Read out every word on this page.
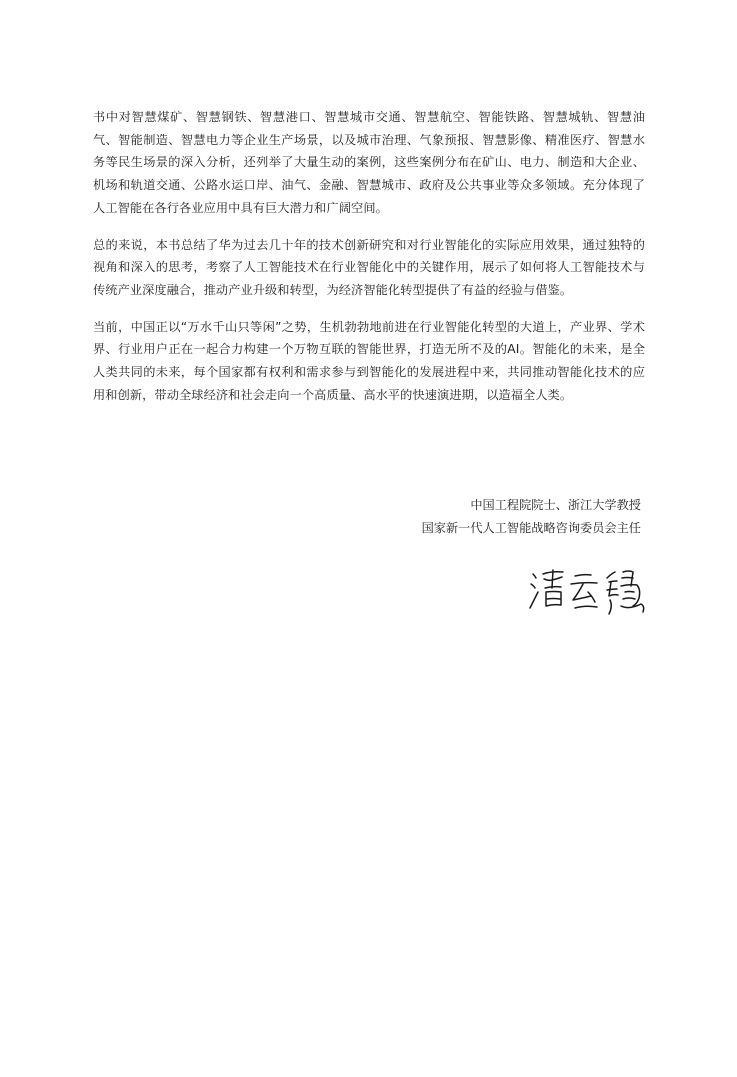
书中对智慧煤矿、智慧钢铁、智慧港口、智慧城市交通、智慧航空、智能铁路、智慧城轨、智慧油气、智能制造、智慧电力等企业生产场景，以及城市治理、气象预报、智慧影像、精准医疗、智慧水务等民生场景的深入分析，还列举了大量生动的案例，这些案例分布在矿山、电力、制造和大企业、机场和轨道交通、公路水运口岸、油气、金融、智慧城市、政府及公共事业等众多领域。充分体现了人工智能在各行各业应用中具有巨大潜力和广阔空间。

总的来说，本书总结了华为过去几十年的技术创新研究和对行业智能化的实际应用效果，通过独特的视角和深入的思考，考察了人工智能技术在行业智能化中的关键作用，展示了如何将人工智能技术与传统产业深度融合，推动产业升级和转型，为经济智能化转型提供了有益的经验与借鉴。

当前，中国正以“万水千山只等闲”之势，生机勃勃地前进在行业智能化转型的大道上，产业界、学术界、行业用户正在一起合力构建一个万物互联的智能世界，打造无所不及的AI。智能化的未来，是全人类共同的未来，每个国家都有权利和需求参与到智能化的发展进程中来，共同推动智能化技术的应用和创新，带动全球经济和社会走向一个高质量、高水平的快速演进期，以造福全人类。

中国工程院院士、浙江大学教授
国家新一代人工智能战略咨询委员会主任
